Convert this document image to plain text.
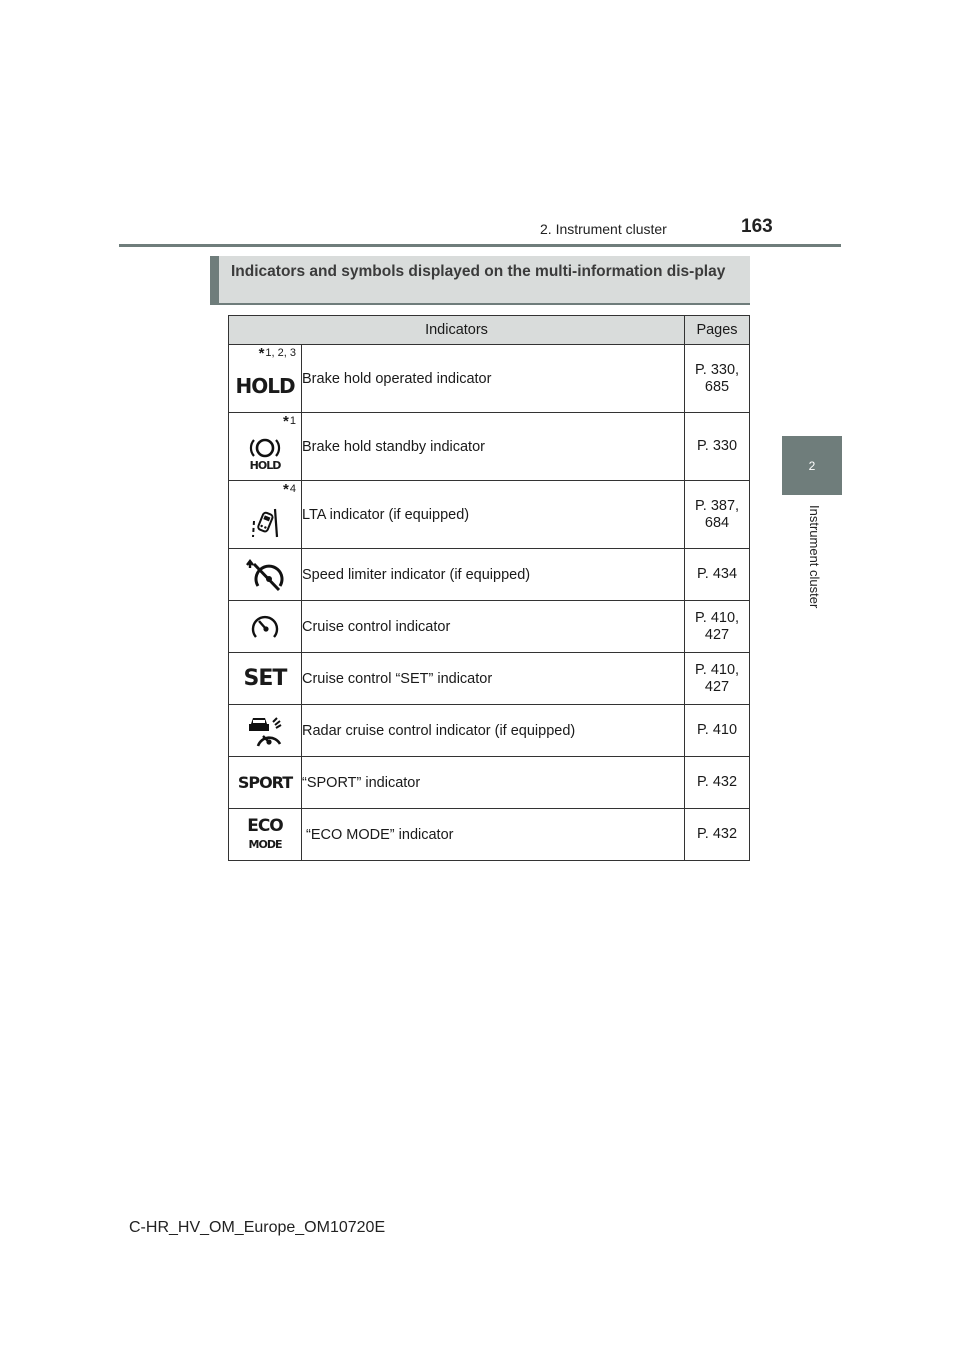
2. Instrument cluster	163
2
Instrument cluster
Indicators and symbols displayed on the multi-information dis-play
Indicators		Pages

*1, 2, 3
HOLD	Brake hold operated indicator	P. 330,
685

*1
HOLD	Brake hold standby indicator	P. 330

*4	LTA indicator (if equipped)	P. 387,
684
	Speed limiter indicator (if equipped)	P. 434
	Cruise control indicator	P. 410,
427
SET	Cruise control “SET” indicator	P. 410,
427
	Radar cruise control indicator (if equipped)	P. 410
SPORT	“SPORT” indicator	P. 432

ECO
MODE	“ECO MODE” indicator	P. 432
C-HR_HV_OM_Europe_OM10720E
